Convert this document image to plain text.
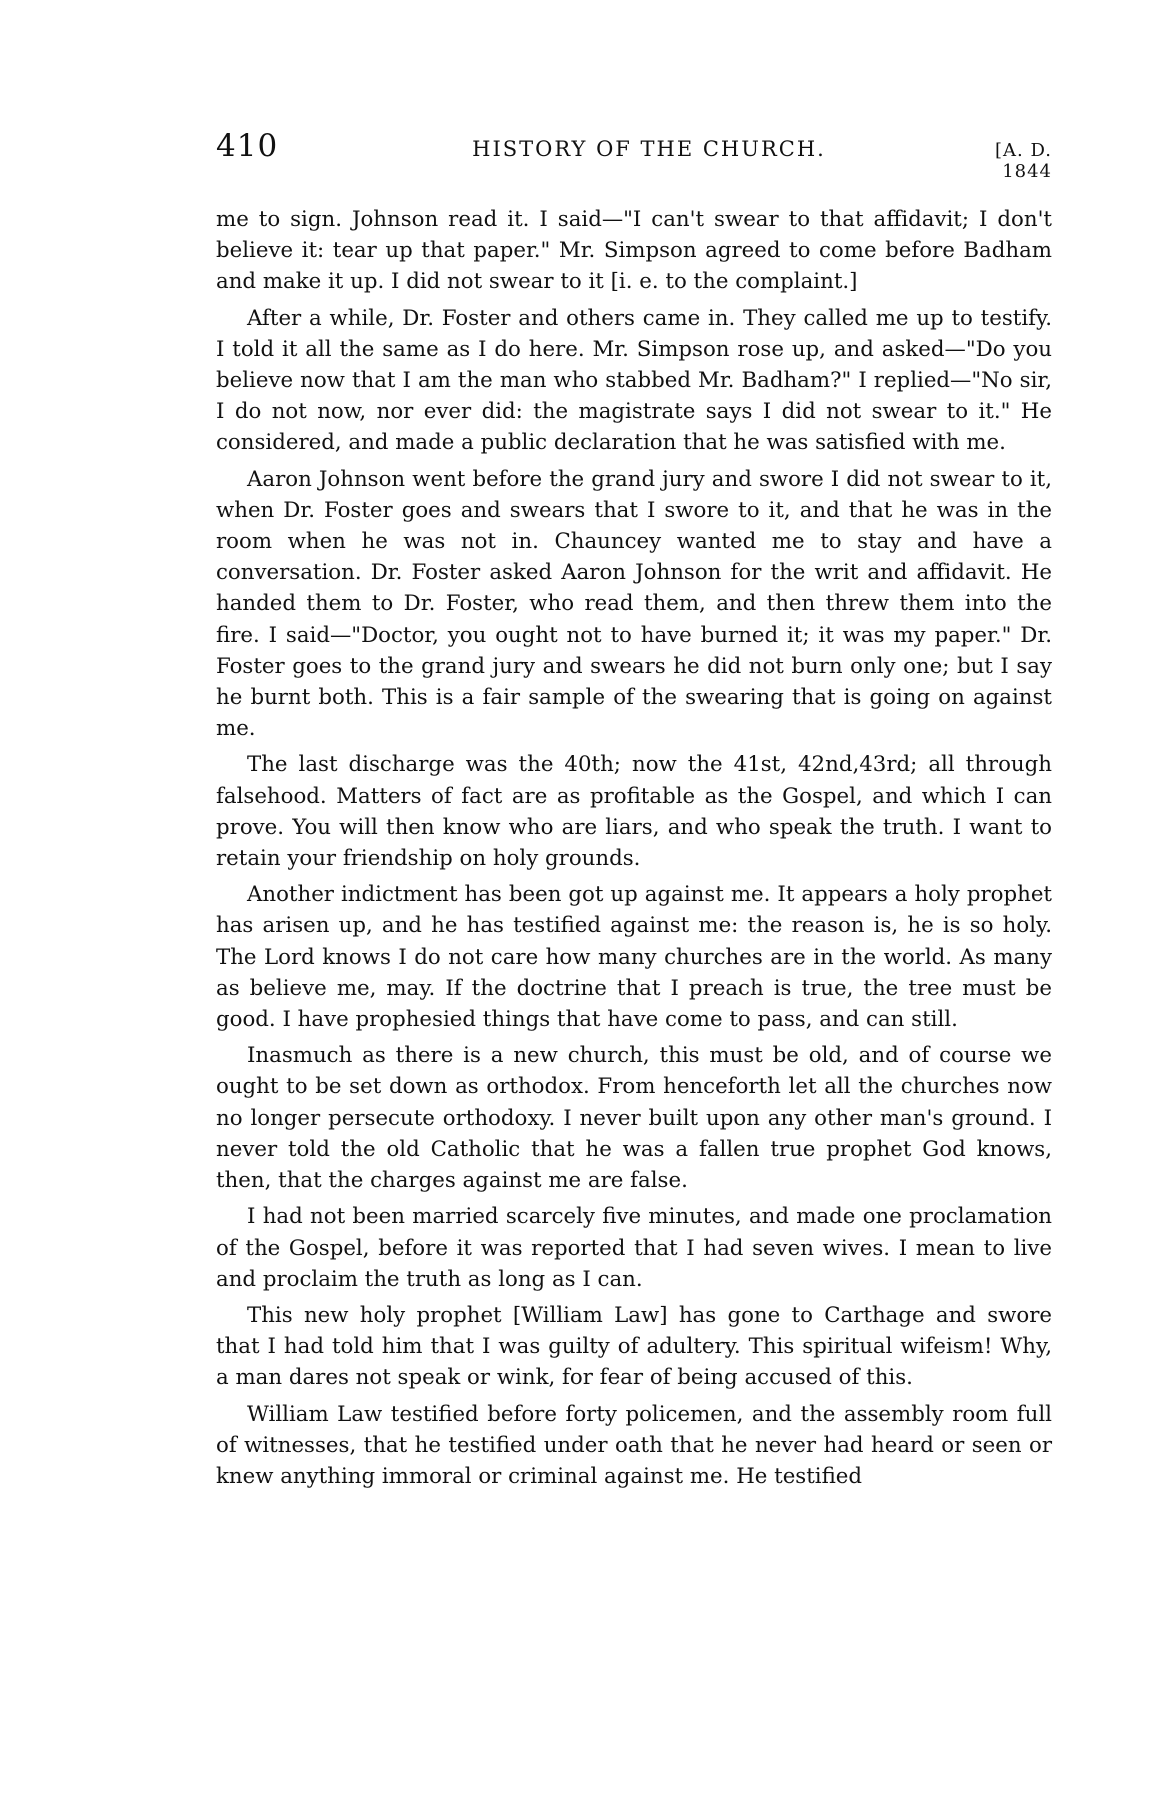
410	HISTORY OF THE CHURCH.	[A. D. 1844

me to sign. Johnson read it. I said—"I can't swear to that affidavit; I don't believe it: tear up that paper." Mr. Simpson agreed to come before Badham and make it up. I did not swear to it [i. e. to the complaint.]

After a while, Dr. Foster and others came in. They called me up to testify. I told it all the same as I do here. Mr. Simpson rose up, and asked—"Do you believe now that I am the man who stabbed Mr. Badham?" I replied—"No sir, I do not now, nor ever did: the magistrate says I did not swear to it." He considered, and made a public declaration that he was satisfied with me.

Aaron Johnson went before the grand jury and swore I did not swear to it, when Dr. Foster goes and swears that I swore to it, and that he was in the room when he was not in. Chauncey wanted me to stay and have a conversation. Dr. Foster asked Aaron Johnson for the writ and affidavit. He handed them to Dr. Foster, who read them, and then threw them into the fire. I said—"Doctor, you ought not to have burned it; it was my paper." Dr. Foster goes to the grand jury and swears he did not burn only one; but I say he burnt both. This is a fair sample of the swearing that is going on against me.

The last discharge was the 40th; now the 41st, 42nd,43rd; all through falsehood. Matters of fact are as profitable as the Gospel, and which I can prove. You will then know who are liars, and who speak the truth. I want to retain your friendship on holy grounds.

Another indictment has been got up against me. It appears a holy prophet has arisen up, and he has testified against me: the reason is, he is so holy. The Lord knows I do not care how many churches are in the world. As many as believe me, may. If the doctrine that I preach is true, the tree must be good. I have prophesied things that have come to pass, and can still.

Inasmuch as there is a new church, this must be old, and of course we ought to be set down as orthodox. From henceforth let all the churches now no longer persecute orthodoxy. I never built upon any other man's ground. I never told the old Catholic that he was a fallen true prophet God knows, then, that the charges against me are false.

I had not been married scarcely five minutes, and made one proclamation of the Gospel, before it was reported that I had seven wives. I mean to live and proclaim the truth as long as I can.

This new holy prophet [William Law] has gone to Carthage and swore that I had told him that I was guilty of adultery. This spiritual wifeism! Why, a man dares not speak or wink, for fear of being accused of this.

William Law testified before forty policemen, and the assembly room full of witnesses, that he testified under oath that he never had heard or seen or knew anything immoral or criminal against me. He testified
